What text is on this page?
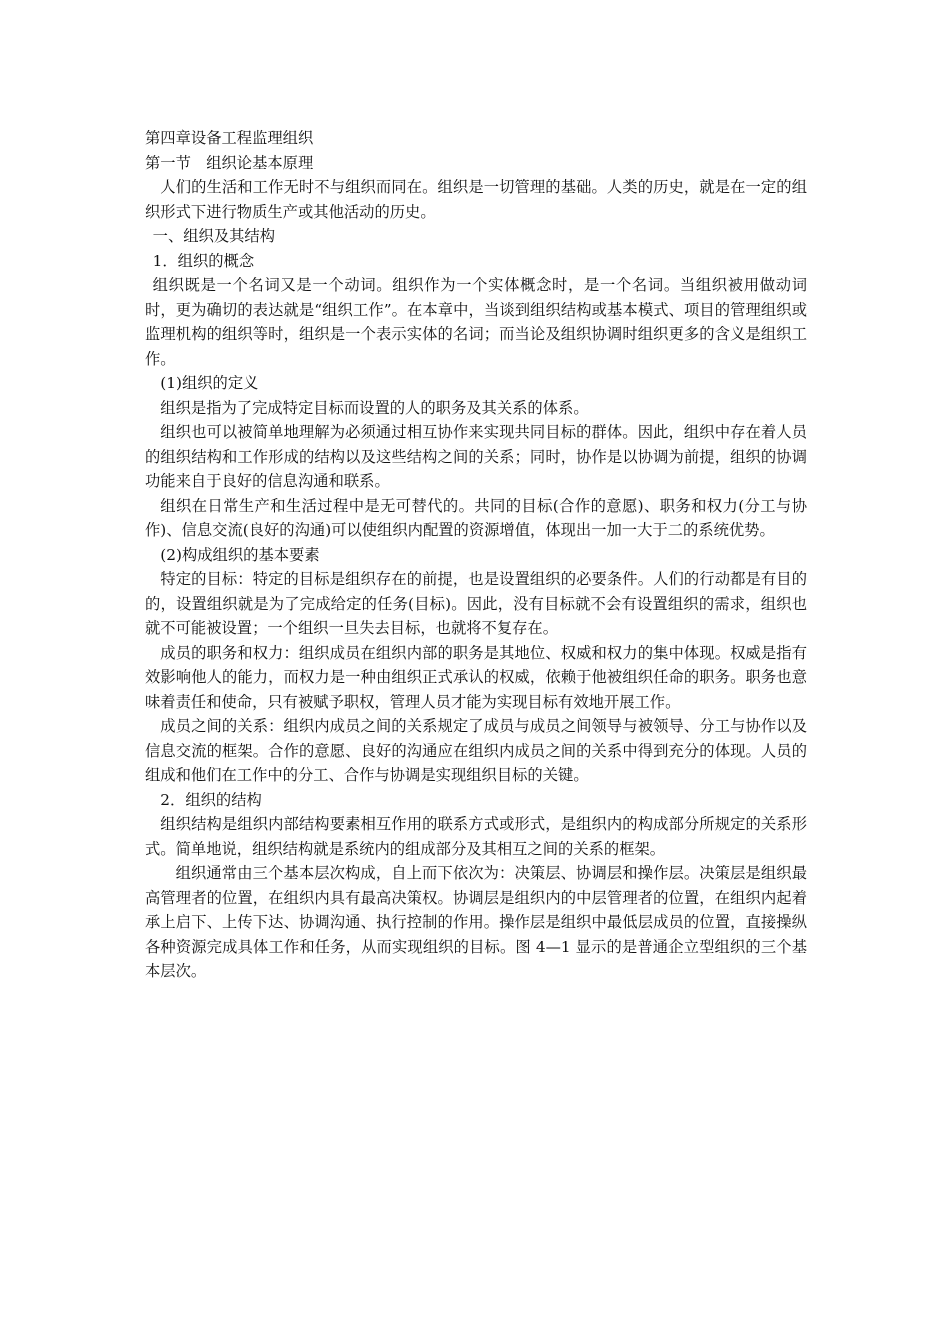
第四章设备工程监理组织

第一节　组织论基本原理

人们的生活和工作无时不与组织而同在。组织是一切管理的基础。人类的历史，就是在一定的组织形式下进行物质生产或其他活动的历史。

一、组织及其结构

1．组织的概念

组织既是一个名词又是一个动词。组织作为一个实体概念时，是一个名词。当组织被用做动词时，更为确切的表达就是“组织工作”。在本章中，当谈到组织结构或基本模式、项目的管理组织或监理机构的组织等时，组织是一个表示实体的名词；而当论及组织协调时组织更多的含义是组织工作。

(1)组织的定义

组织是指为了完成特定目标而设置的人的职务及其关系的体系。

组织也可以被简单地理解为必须通过相互协作来实现共同目标的群体。因此，组织中存在着人员的组织结构和工作形成的结构以及这些结构之间的关系；同时，协作是以协调为前提，组织的协调功能来自于良好的信息沟通和联系。

组织在日常生产和生活过程中是无可替代的。共同的目标(合作的意愿)、职务和权力(分工与协作)、信息交流(良好的沟通)可以使组织内配置的资源增值，体现出一加一大于二的系统优势。

(2)构成组织的基本要素

特定的目标：特定的目标是组织存在的前提，也是设置组织的必要条件。人们的行动都是有目的的，设置组织就是为了完成给定的任务(目标)。因此，没有目标就不会有设置组织的需求，组织也就不可能被设置；一个组织一旦失去目标，也就将不复存在。

成员的职务和权力：组织成员在组织内部的职务是其地位、权威和权力的集中体现。权威是指有效影响他人的能力，而权力是一种由组织正式承认的权威，依赖于他被组织任命的职务。职务也意味着责任和使命，只有被赋予职权，管理人员才能为实现目标有效地开展工作。

成员之间的关系：组织内成员之间的关系规定了成员与成员之间领导与被领导、分工与协作以及信息交流的框架。合作的意愿、良好的沟通应在组织内成员之间的关系中得到充分的体现。人员的组成和他们在工作中的分工、合作与协调是实现组织目标的关键。

2．组织的结构

组织结构是组织内部结构要素相互作用的联系方式或形式，是组织内的构成部分所规定的关系形式。简单地说，组织结构就是系统内的组成部分及其相互之间的关系的框架。

组织通常由三个基本层次构成，自上而下依次为：决策层、协调层和操作层。决策层是组织最高管理者的位置，在组织内具有最高决策权。协调层是组织内的中层管理者的位置，在组织内起着承上启下、上传下达、协调沟通、执行控制的作用。操作层是组织中最低层成员的位置，直接操纵各种资源完成具体工作和任务，从而实现组织的目标。图 4—1 显示的是普通企立型组织的三个基本层次。
